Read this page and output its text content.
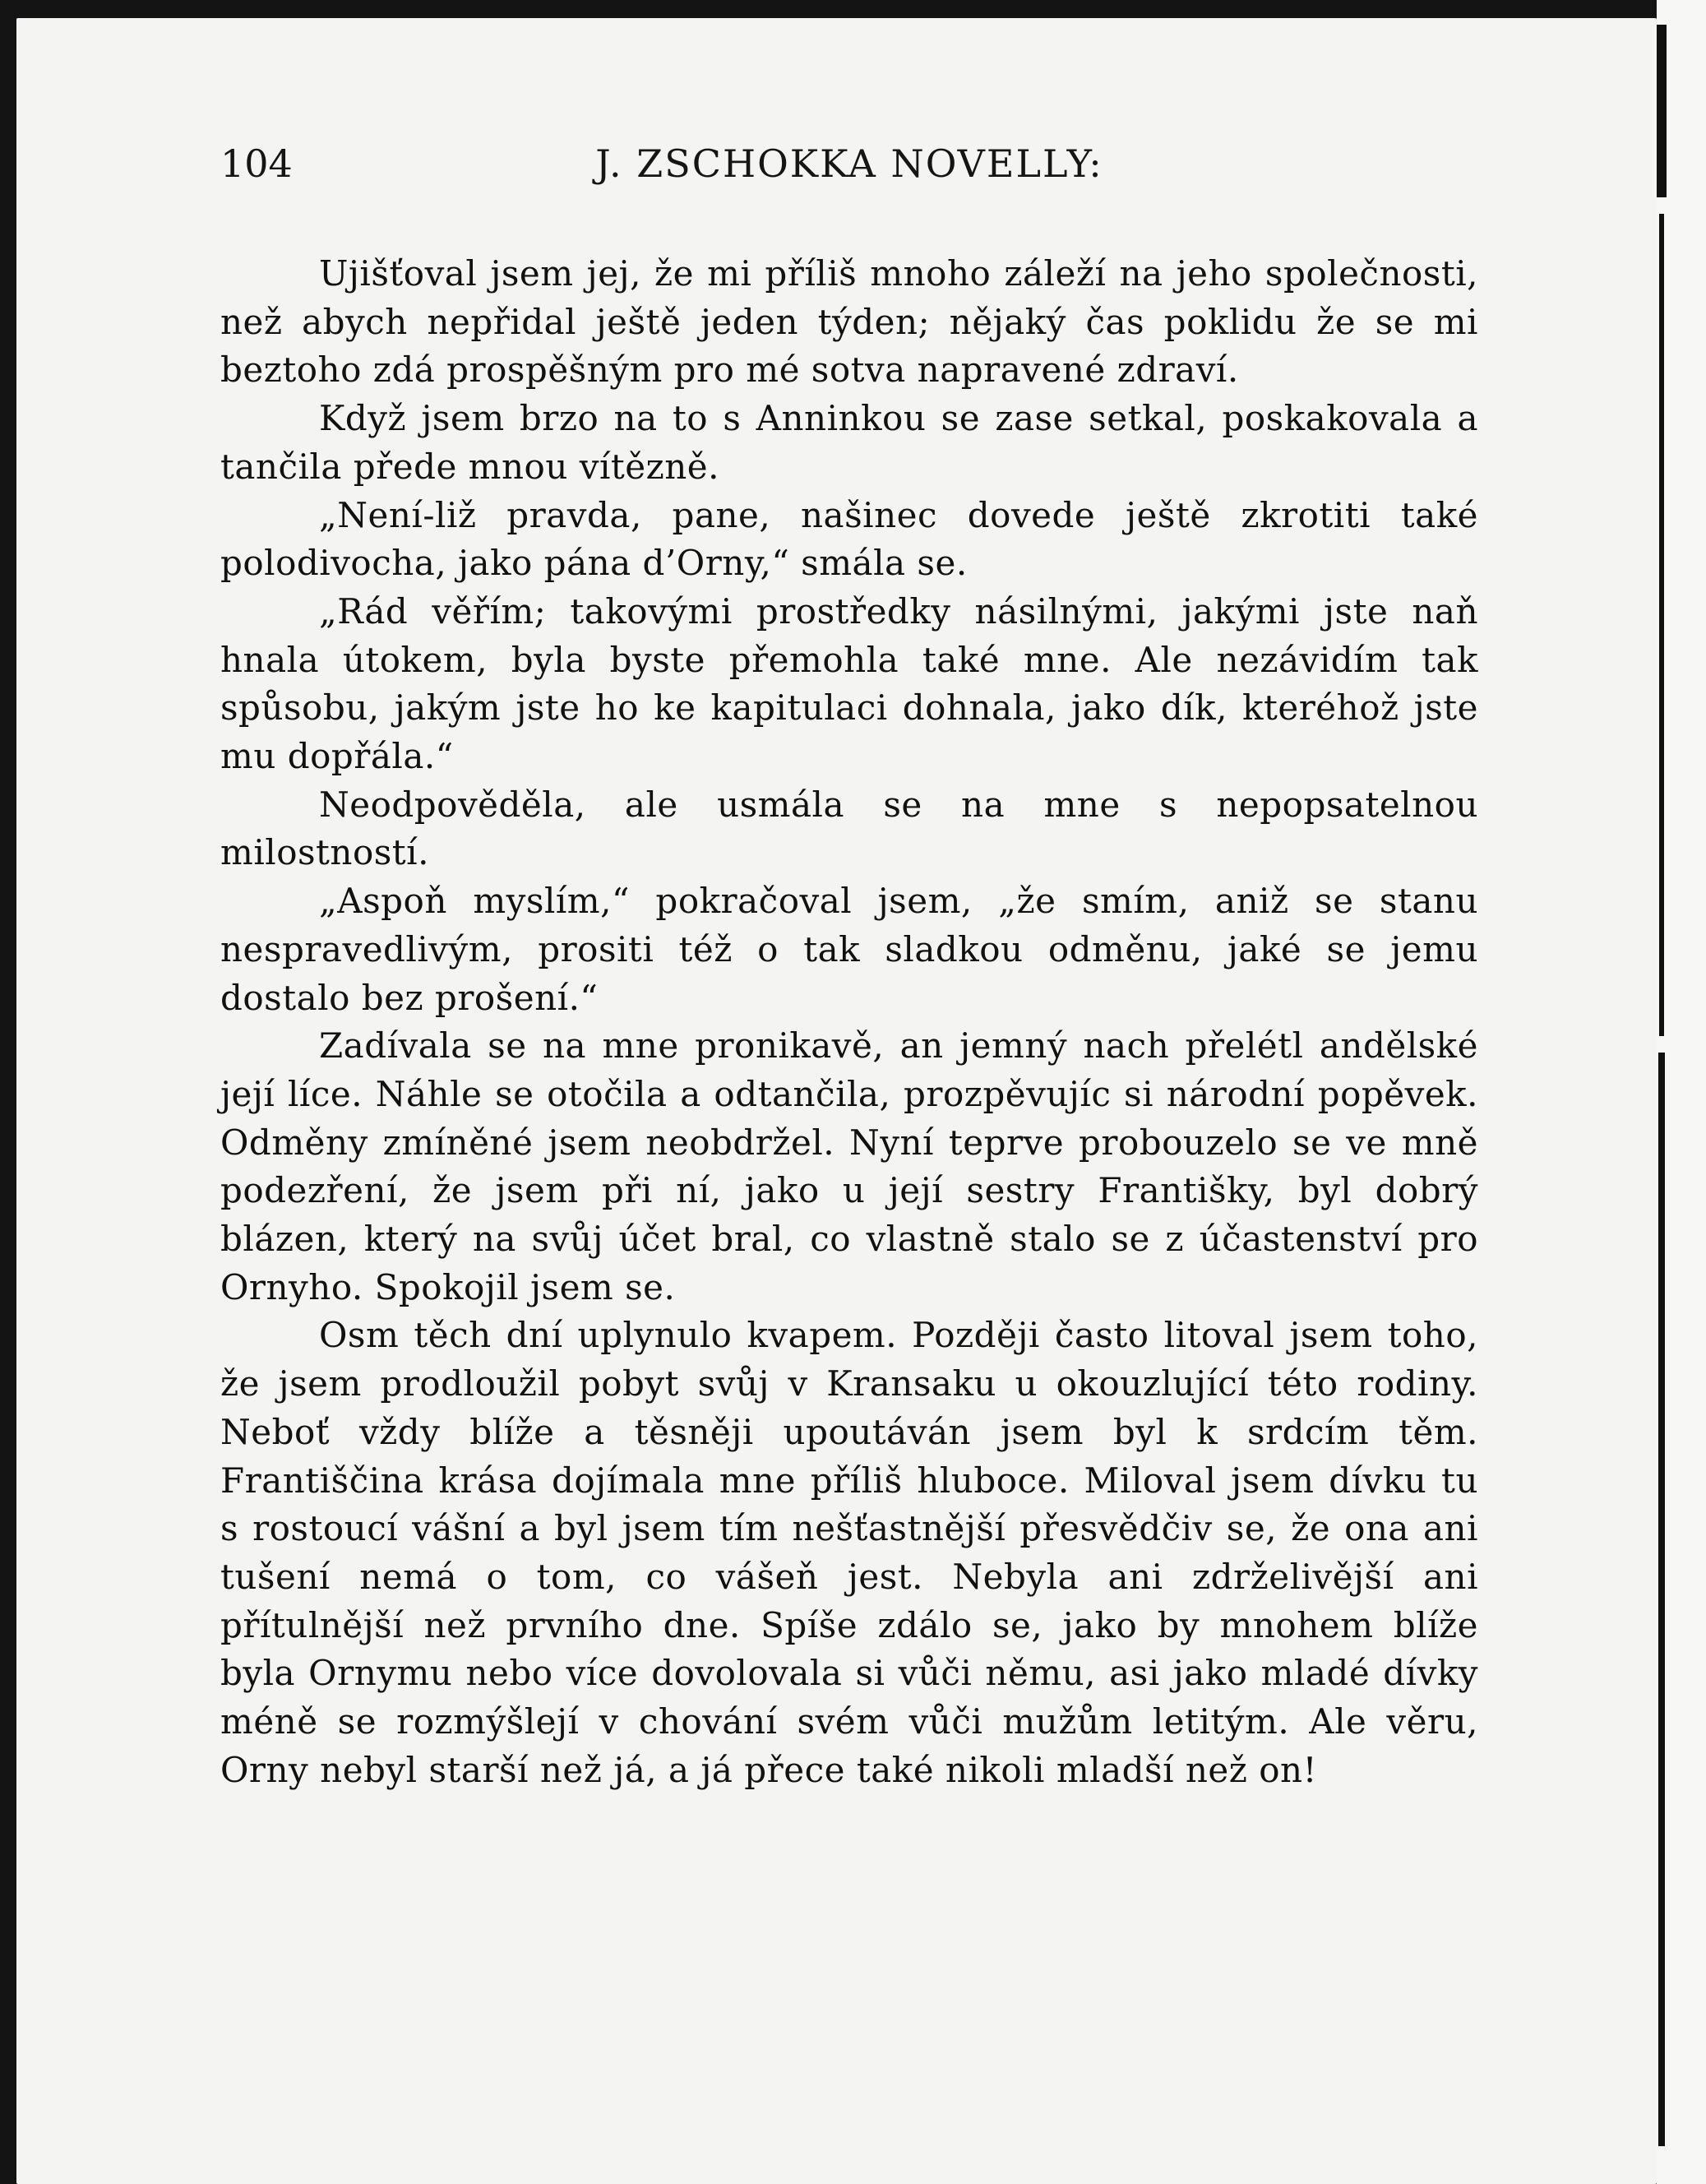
104	J. ZSCHOKKA NOVELLY:

Ujišťoval jsem jej, že mi příliš mnoho záleží na jeho společnosti, než abych nepřidal ještě jeden týden; nějaký čas poklidu že se mi beztoho zdá prospěšným pro mé sotva napravené zdraví.

Když jsem brzo na to s Anninkou se zase setkal, poskakovala a tančila přede mnou vítězně.

„Není-liž pravda, pane, našinec dovede ještě zkrotiti také polodivocha, jako pána d’Orny,“ smála se.

„Rád věřím; takovými prostředky násilnými, jakými jste naň hnala útokem, byla byste přemohla také mne. Ale nezávidím tak spůsobu, jakým jste ho ke kapitulaci dohnala, jako dík, kteréhož jste mu dopřála.“

Neodpověděla, ale usmála se na mne s nepopsatelnou milostností.

„Aspoň myslím,“ pokračoval jsem, „že smím, aniž se stanu nespravedlivým, prositi též o tak sladkou odměnu, jaké se jemu dostalo bez prošení.“

Zadívala se na mne pronikavě, an jemný nach přelétl andělské její líce. Náhle se otočila a odtančila, prozpěvujíc si národní popěvek. Odměny zmíněné jsem neobdržel. Nyní teprve probouzelo se ve mně podezření, že jsem při ní, jako u její sestry Františky, byl dobrý blázen, který na svůj účet bral, co vlastně stalo se z účastenství pro Ornyho. Spokojil jsem se.

Osm těch dní uplynulo kvapem. Později často litoval jsem toho, že jsem prodloužil pobyt svůj v Kransaku u okouzlující této rodiny. Neboť vždy blíže a těsněji upoutáván jsem byl k srdcím těm. Františčina krása dojímala mne příliš hluboce. Miloval jsem dívku tu s rostoucí vášní a byl jsem tím nešťastnější přesvědčiv se, že ona ani tušení nemá o tom, co vášeň jest. Nebyla ani zdrželivější ani přítulnější než prvního dne. Spíše zdálo se, jako by mnohem blíže byla Ornymu nebo více dovolovala si vůči němu, asi jako mladé dívky méně se rozmýšlejí v chování svém vůči mužům letitým. Ale věru, Orny nebyl starší než já, a já přece také nikoli mladší než on!
